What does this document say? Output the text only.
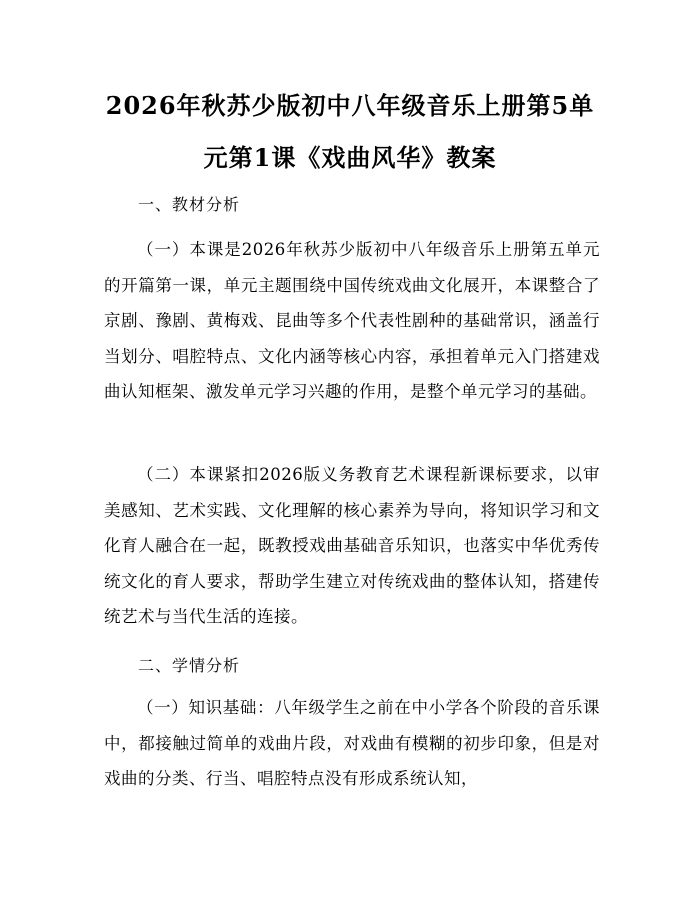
2026年秋苏少版初中八年级音乐上册第5单
元第1课《戏曲风华》教案
一、教材分析
（一）本课是2026年秋苏少版初中八年级音乐上册第五单元的开篇第一课，单元主题围绕中国传统戏曲文化展开，本课整合了京剧、豫剧、黄梅戏、昆曲等多个代表性剧种的基础常识，涵盖行当划分、唱腔特点、文化内涵等核心内容，承担着单元入门搭建戏曲认知框架、激发单元学习兴趣的作用，是整个单元学习的基础。
（二）本课紧扣2026版义务教育艺术课程新课标要求，以审美感知、艺术实践、文化理解的核心素养为导向，将知识学习和文化育人融合在一起，既教授戏曲基础音乐知识，也落实中华优秀传统文化的育人要求，帮助学生建立对传统戏曲的整体认知，搭建传统艺术与当代生活的连接。
二、学情分析
（一）知识基础：八年级学生之前在中小学各个阶段的音乐课中，都接触过简单的戏曲片段，对戏曲有模糊的初步印象，但是对戏曲的分类、行当、唱腔特点没有形成系统认知，
